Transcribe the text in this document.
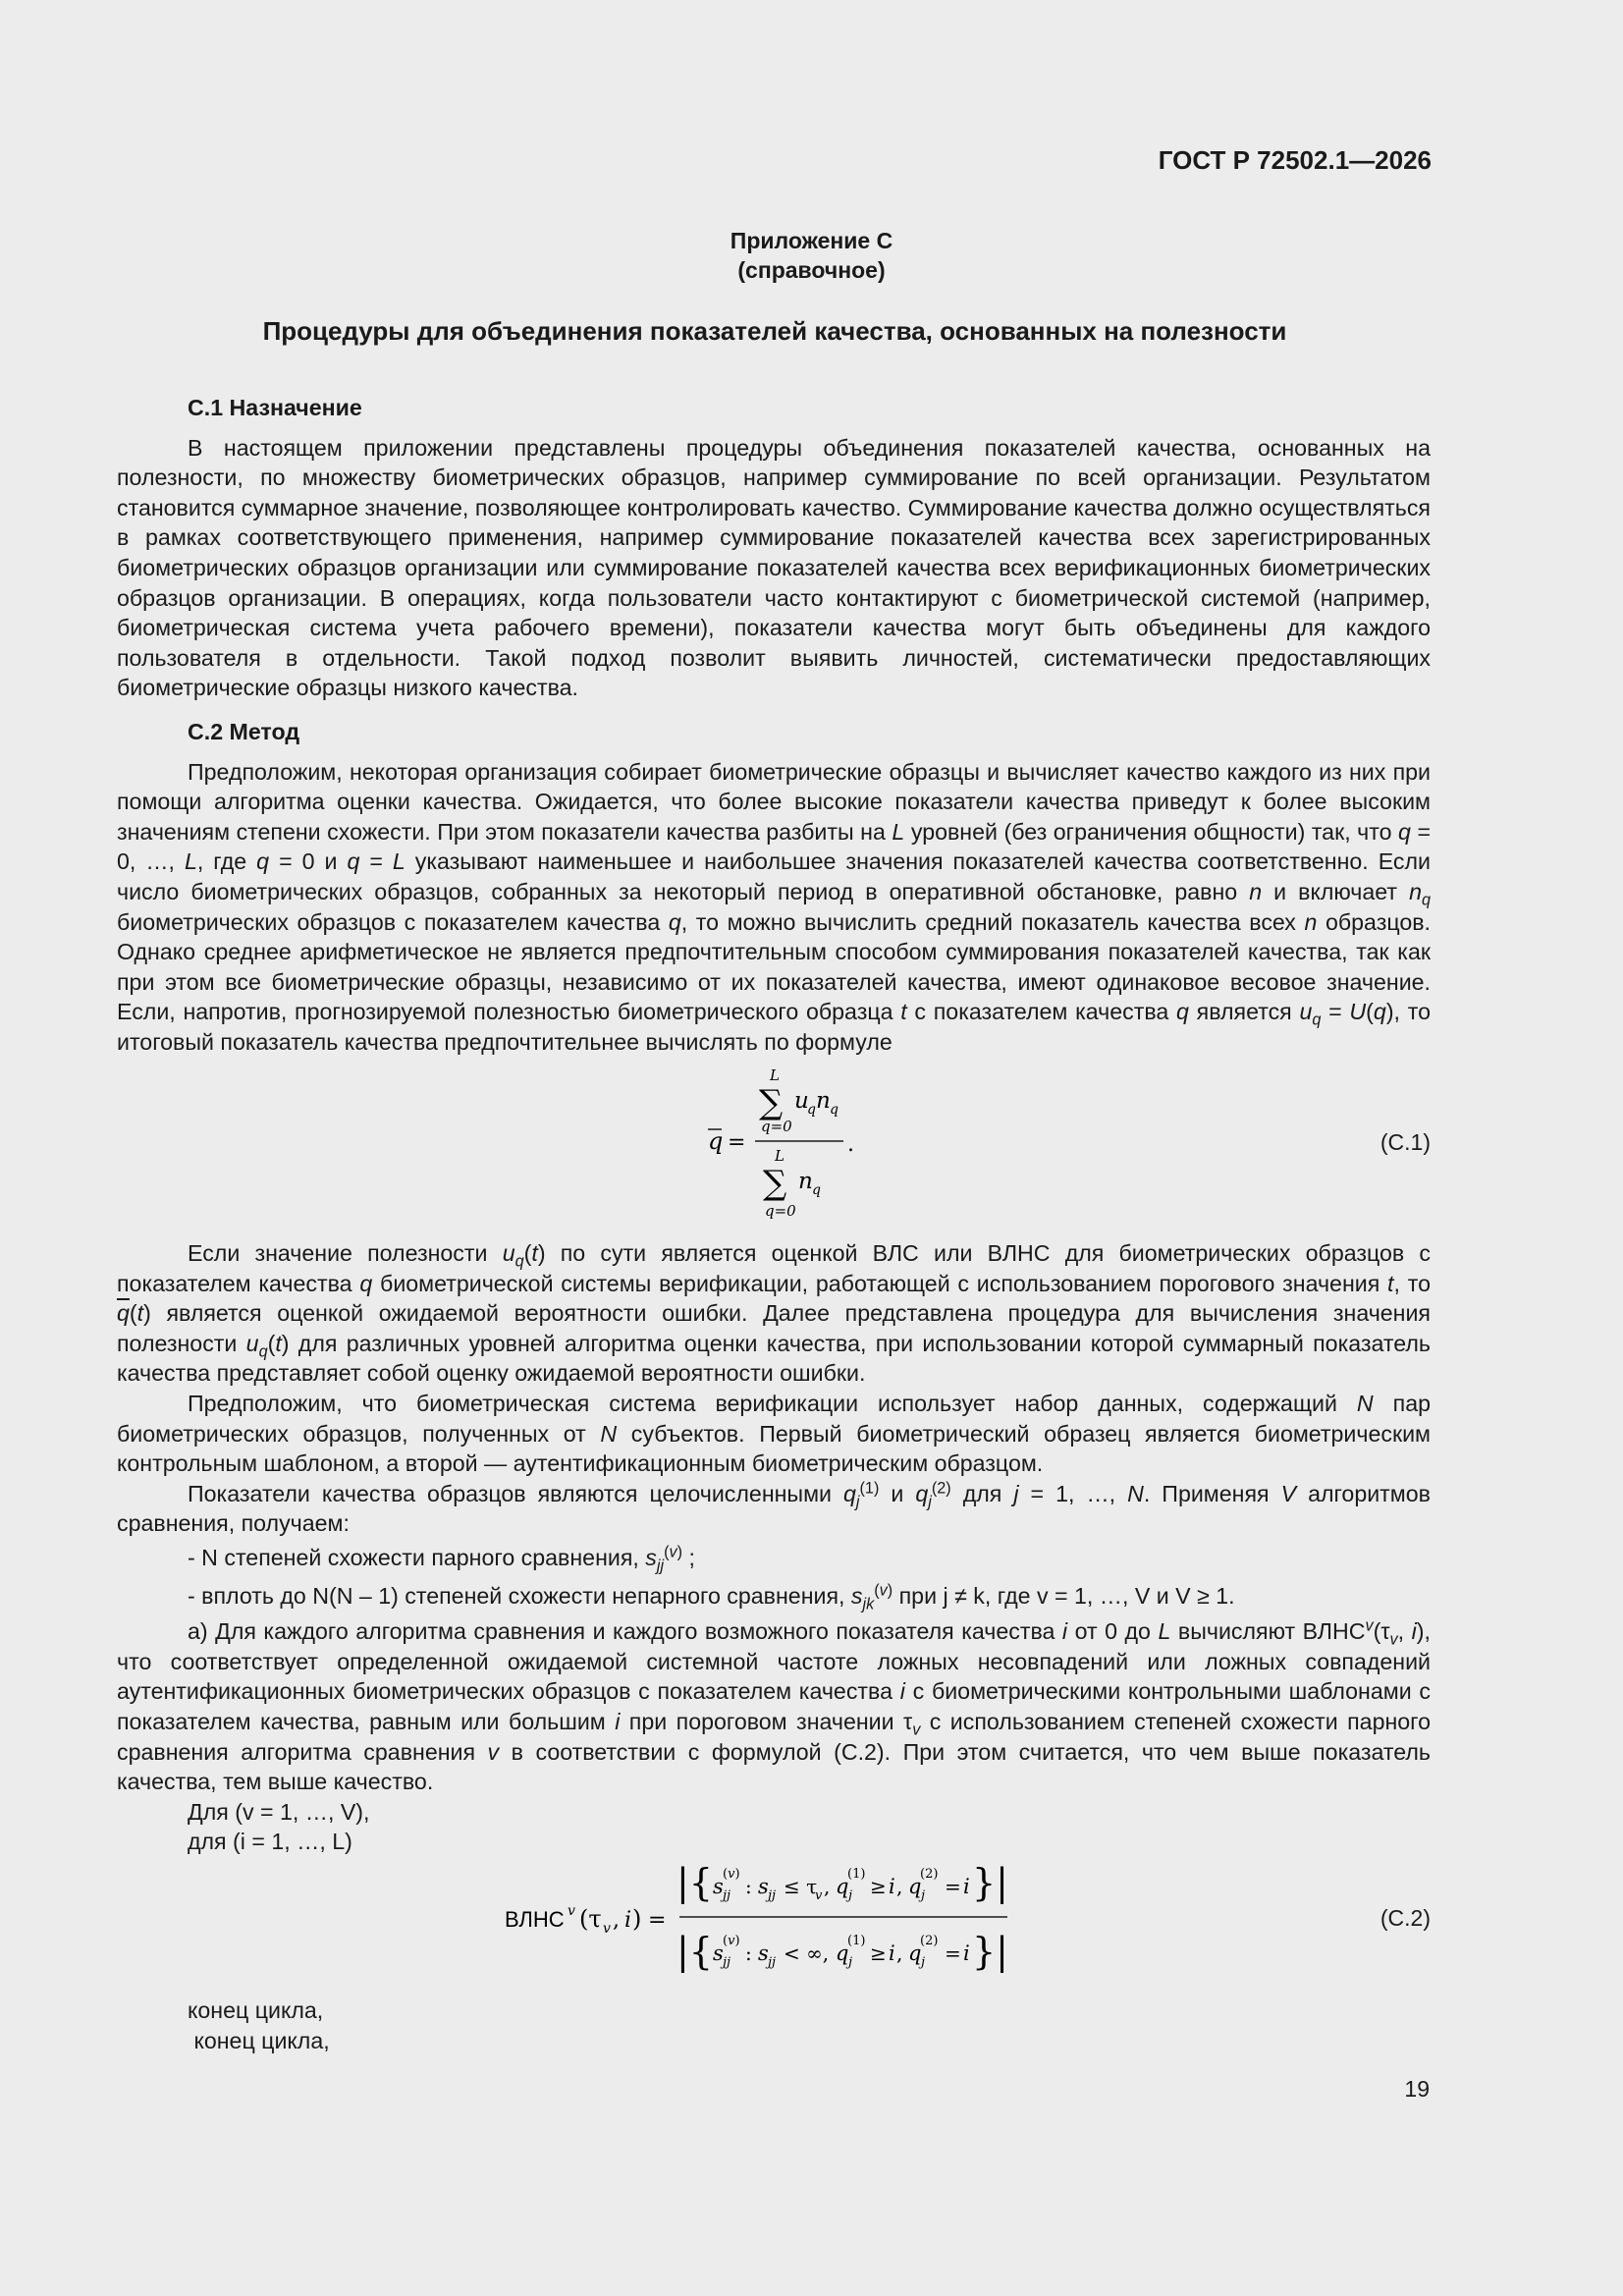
ГОСТ Р 72502.1—2026
Приложение С
(справочное)
Процедуры для объединения показателей качества, основанных на полезности

С.1 Назначение

В настоящем приложении представлены процедуры объединения показателей качества, основанных на полезности, по множеству биометрических образцов, например суммирование по всей организации. Результатом становится суммарное значение, позволяющее контролировать качество. Суммирование качества должно осуществляться в рамках соответствующего применения, например суммирование показателей качества всех зарегистрированных биометрических образцов организации или суммирование показателей качества всех верификационных биометрических образцов организации. В операциях, когда пользователи часто контактируют с биометрической системой (например, биометрическая система учета рабочего времени), показатели качества могут быть объединены для каждого пользователя в отдельности. Такой подход позволит выявить личностей, систематически предоставляющих биометрические образцы низкого качества.

С.2 Метод

Предположим, некоторая организация собирает биометрические образцы и вычисляет качество каждого из них при помощи алгоритма оценки качества. Ожидается, что более высокие показатели качества приведут к более высоким значениям степени схожести. При этом показатели качества разбиты на L уровней (без ограничения общности) так, что q = 0, …, L, где q = 0 и q = L указывают наименьшее и наибольшее значения показателей качества соответственно. Если число биометрических образцов, собранных за некоторый период в оперативной обстановке, равно n и включает $n_q$ биометрических образцов с показателем качества q, то можно вычислить средний показатель качества всех n образцов. Однако среднее арифметическое не является предпочтительным способом суммирования показателей качества, так как при этом все биометрические образцы, независимо от их показателей качества, имеют одинаковое весовое значение. Если, напротив, прогнозируемой полезностью биометрического образца t с показателем качества q является $u_q = U(q)$, то итоговый показатель качества предпочтительнее вычислять по формуле

q =
L
∑
q=0
u
q n q
L
∑
q=0
n q
.	(С.1)

Если значение полезности $u_q(t)$ по сути является оценкой ВЛС или ВЛНС для биометрических образцов с показателем качества q биометрической системы верификации, работающей с использованием порогового значения t, то $\overline{q}(t)$ является оценкой ожидаемой вероятности ошибки. Далее представлена процедура для вычисления значения полезности $u_q(t)$ для различных уровней алгоритма оценки качества, при использовании которой суммарный показатель качества представляет собой оценку ожидаемой вероятности ошибки.

Предположим, что биометрическая система верификации использует набор данных, содержащий N пар биометрических образцов, полученных от N субъектов. Первый биометрический образец является биометрическим контрольным шаблоном, а второй — аутентификационным биометрическим образцом.

Показатели качества образцов являются целочисленными $q_j^{(1)}$ и $q_j^{(2)}$ для j = 1, …, N. Применяя V алгоритмов сравнения, получаем:

- N степеней схожести парного сравнения, $s_{jj}^{(v)}$ ;

- вплоть до N(N – 1) степеней схожести непарного сравнения, $s_{jk}^{(v)}$ при j ≠ k, где v = 1, …, V и V ≥ 1.

а) Для каждого алгоритма сравнения и каждого возможного показателя качества i от 0 до L вычисляют $ВЛНС^v(\tau_v$, i), что соответствует определенной ожидаемой системной частоте ложных несовпадений или ложных совпадений аутентификационных биометрических образцов с показателем качества i с биометрическими контрольными шаблонами с показателем качества, равным или большим i при пороговом значении $\tau_v$ с использованием степеней схожести парного сравнения алгоритма сравнения v в соответствии с формулой (С.2). При этом считается, что чем выше показатель качества, тем выше качество.

Для (v = 1, …, V),

для (i = 1, …, L)

ВЛНС v (τ v , i ) =
|{ s jj
(v)
: s jj ≤ τ
v , q j
(1)
≥ i , q j
(2)
= i }|
|{ s jj
(v)
: s jj < ∞, q j
(1)
≥ i , q j
(2)
= i }|
(С.2)

конец цикла,

конец цикла,

19
